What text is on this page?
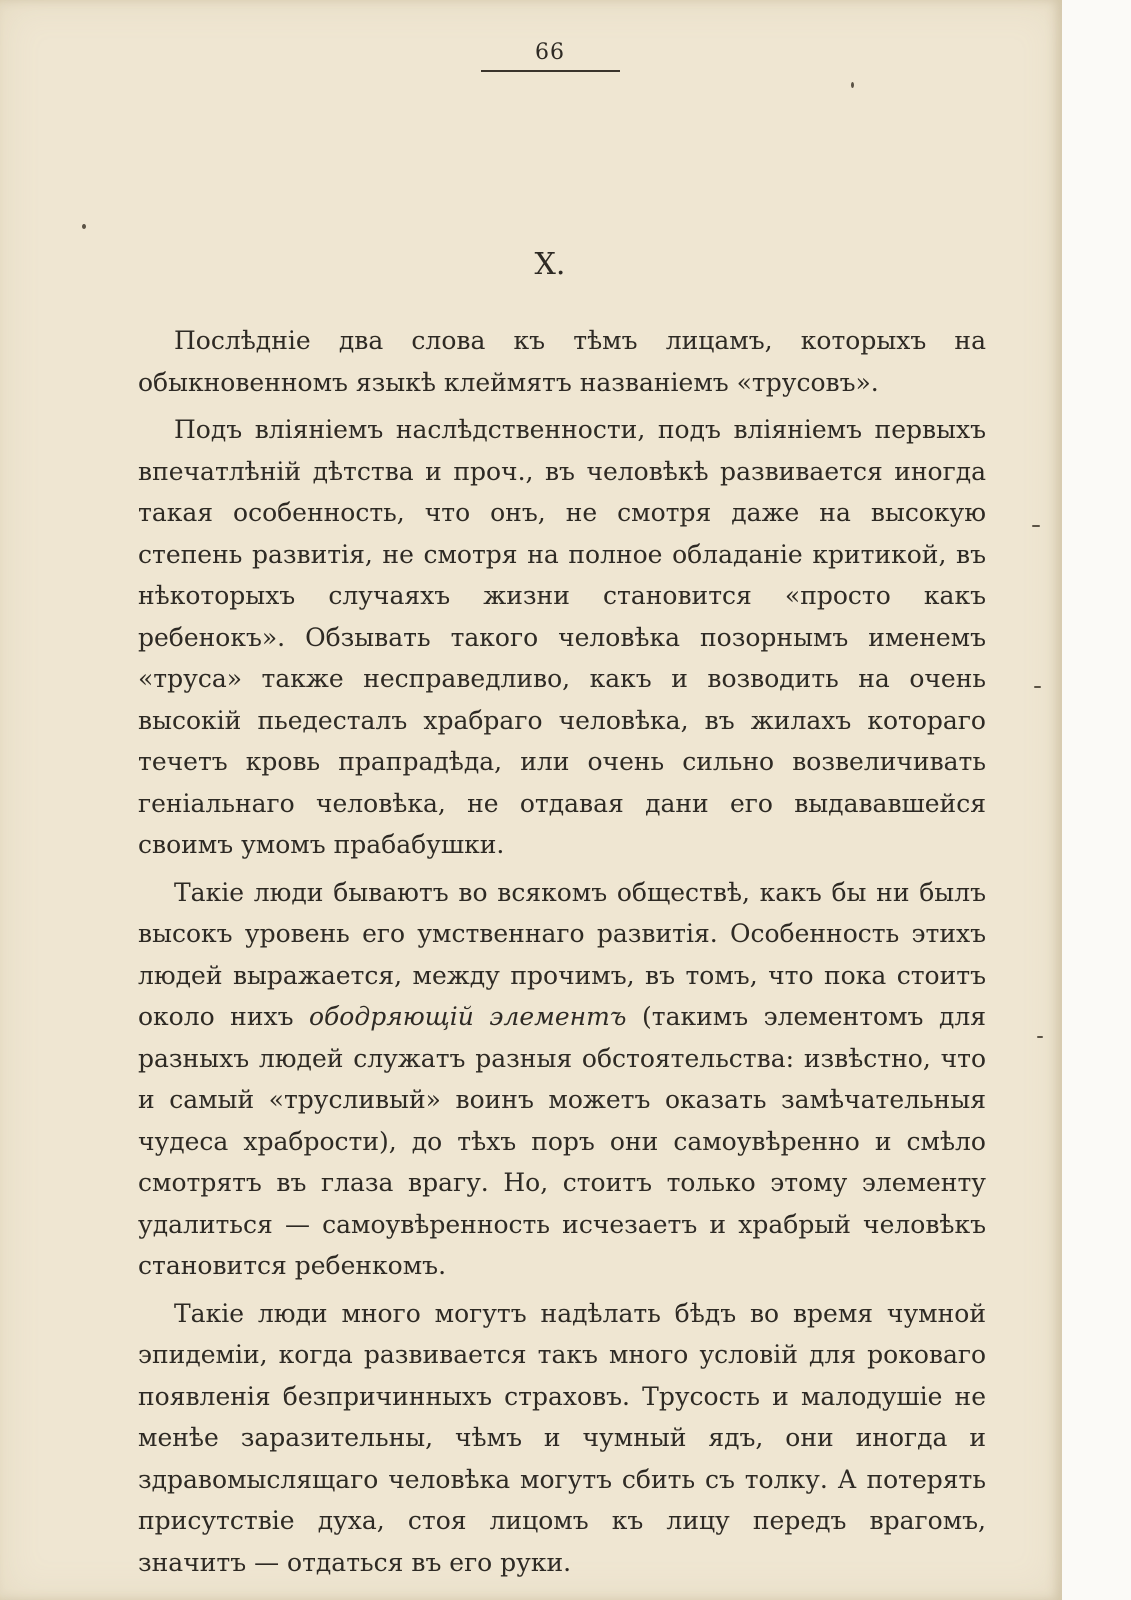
66
X.

Послѣдніе два слова къ тѣмъ лицамъ, которыхъ на обыкновенномъ языкѣ клеймятъ названіемъ «трусовъ».

Подъ вліяніемъ наслѣдственности, подъ вліяніемъ первыхъ впечатлѣній дѣтства и проч., въ человѣкѣ развивается иногда такая особенность, что онъ, не смотря даже на высокую степень развитія, не смотря на полное обладаніе критикой, въ нѣкоторыхъ случаяхъ жизни становится «просто какъ ребенокъ». Обзывать такого человѣка позорнымъ именемъ «труса» также несправедливо, какъ и возводить на очень высокій пьедесталъ храбраго человѣка, въ жилахъ котораго течетъ кровь прапрадѣда, или очень сильно возвеличивать геніальнаго человѣка, не отдавая дани его выдававшейся своимъ умомъ прабабушки.

Такіе люди бываютъ во всякомъ обществѣ, какъ бы ни былъ высокъ уровень его умственнаго развитія. Особенность этихъ людей выражается, между прочимъ, въ томъ, что пока стоитъ около нихъ ободряющій элементъ (такимъ элементомъ для разныхъ людей служатъ разныя обстоятельства: извѣстно, что и самый «трусливый» воинъ можетъ оказать замѣчательныя чудеса храбрости), до тѣхъ поръ они самоувѣренно и смѣло смотрятъ въ глаза врагу. Но, стоитъ только этому элементу удалиться — самоувѣренность исчезаетъ и храбрый человѣкъ становится ребенкомъ.

Такіе люди много могутъ надѣлать бѣдъ во время чумной эпидеміи, когда развивается такъ много условій для роковаго появленія безпричинныхъ страховъ. Трусость и малодушіе не менѣе заразительны, чѣмъ и чумный ядъ, они иногда и здравомыслящаго человѣка могутъ сбить съ толку. А потерять присутствіе духа, стоя лицомъ къ лицу передъ врагомъ, значитъ — отдаться въ его руки.
